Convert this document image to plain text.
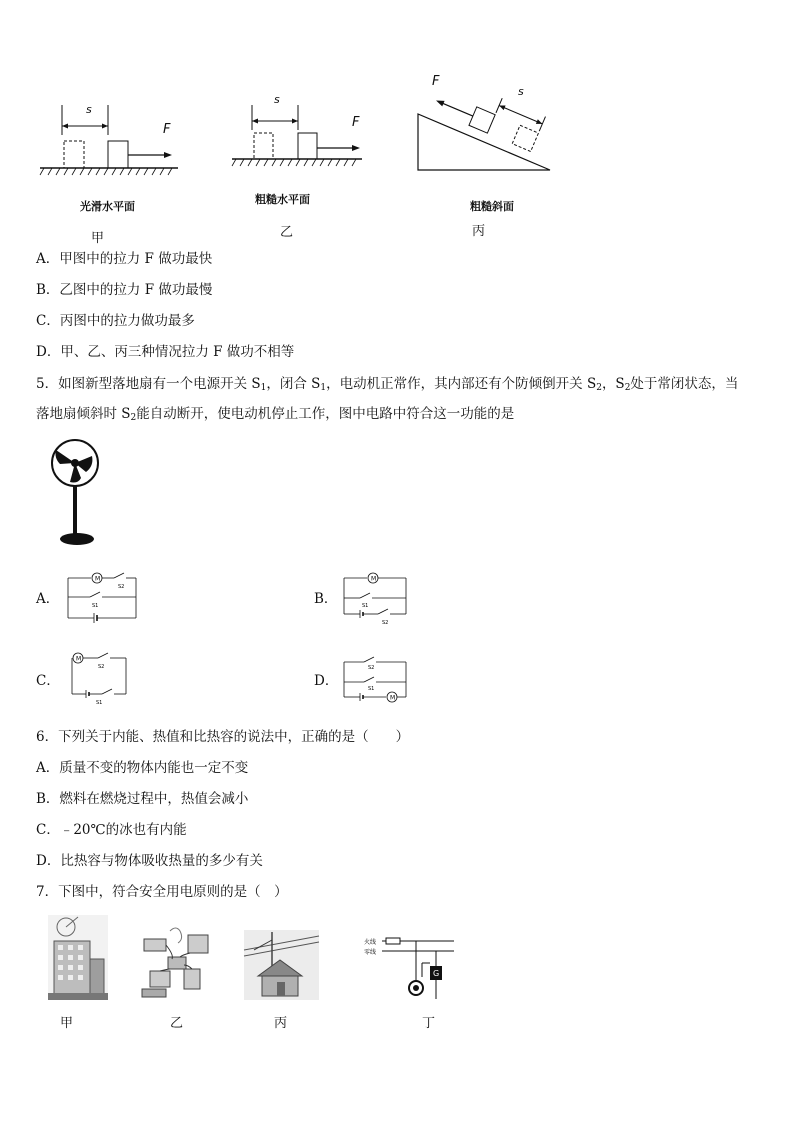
s
F
光滑水平面
甲
s
F
粗糙水平面
乙
F
s
粗糙斜面
丙
A．甲图中的拉力 F 做功最快
B．乙图中的拉力 F 做功最慢
C．丙图中的拉力做功最多
D．甲、乙、丙三种情况拉力 F 做功不相等
5．如图新型落地扇有一个电源开关 $S_1$，闭合 $S_1$，电动机正常作，其内部还有个防倾倒开关 $S_2$，$S_2$处于常闭状态，当
落地扇倾斜时 $S_2$能自动断开，使电动机停止工作，图中电路中符合这一功能的是
A．
M
S2
S1	B．
M
S1
S2
C．
M
S2
S1
D．
S2
S1
M
6．下列关于内能、热值和比热容的说法中，正确的是（　　）
A．质量不变的物体内能也一定不变
B．燃料在燃烧过程中，热值会减小
C．﹣20℃的冰也有内能
D．比热容与物体吸收热量的多少有关
7．下图中，符合安全用电原则的是（　）
G
火线
零线
甲	乙	丙	丁
